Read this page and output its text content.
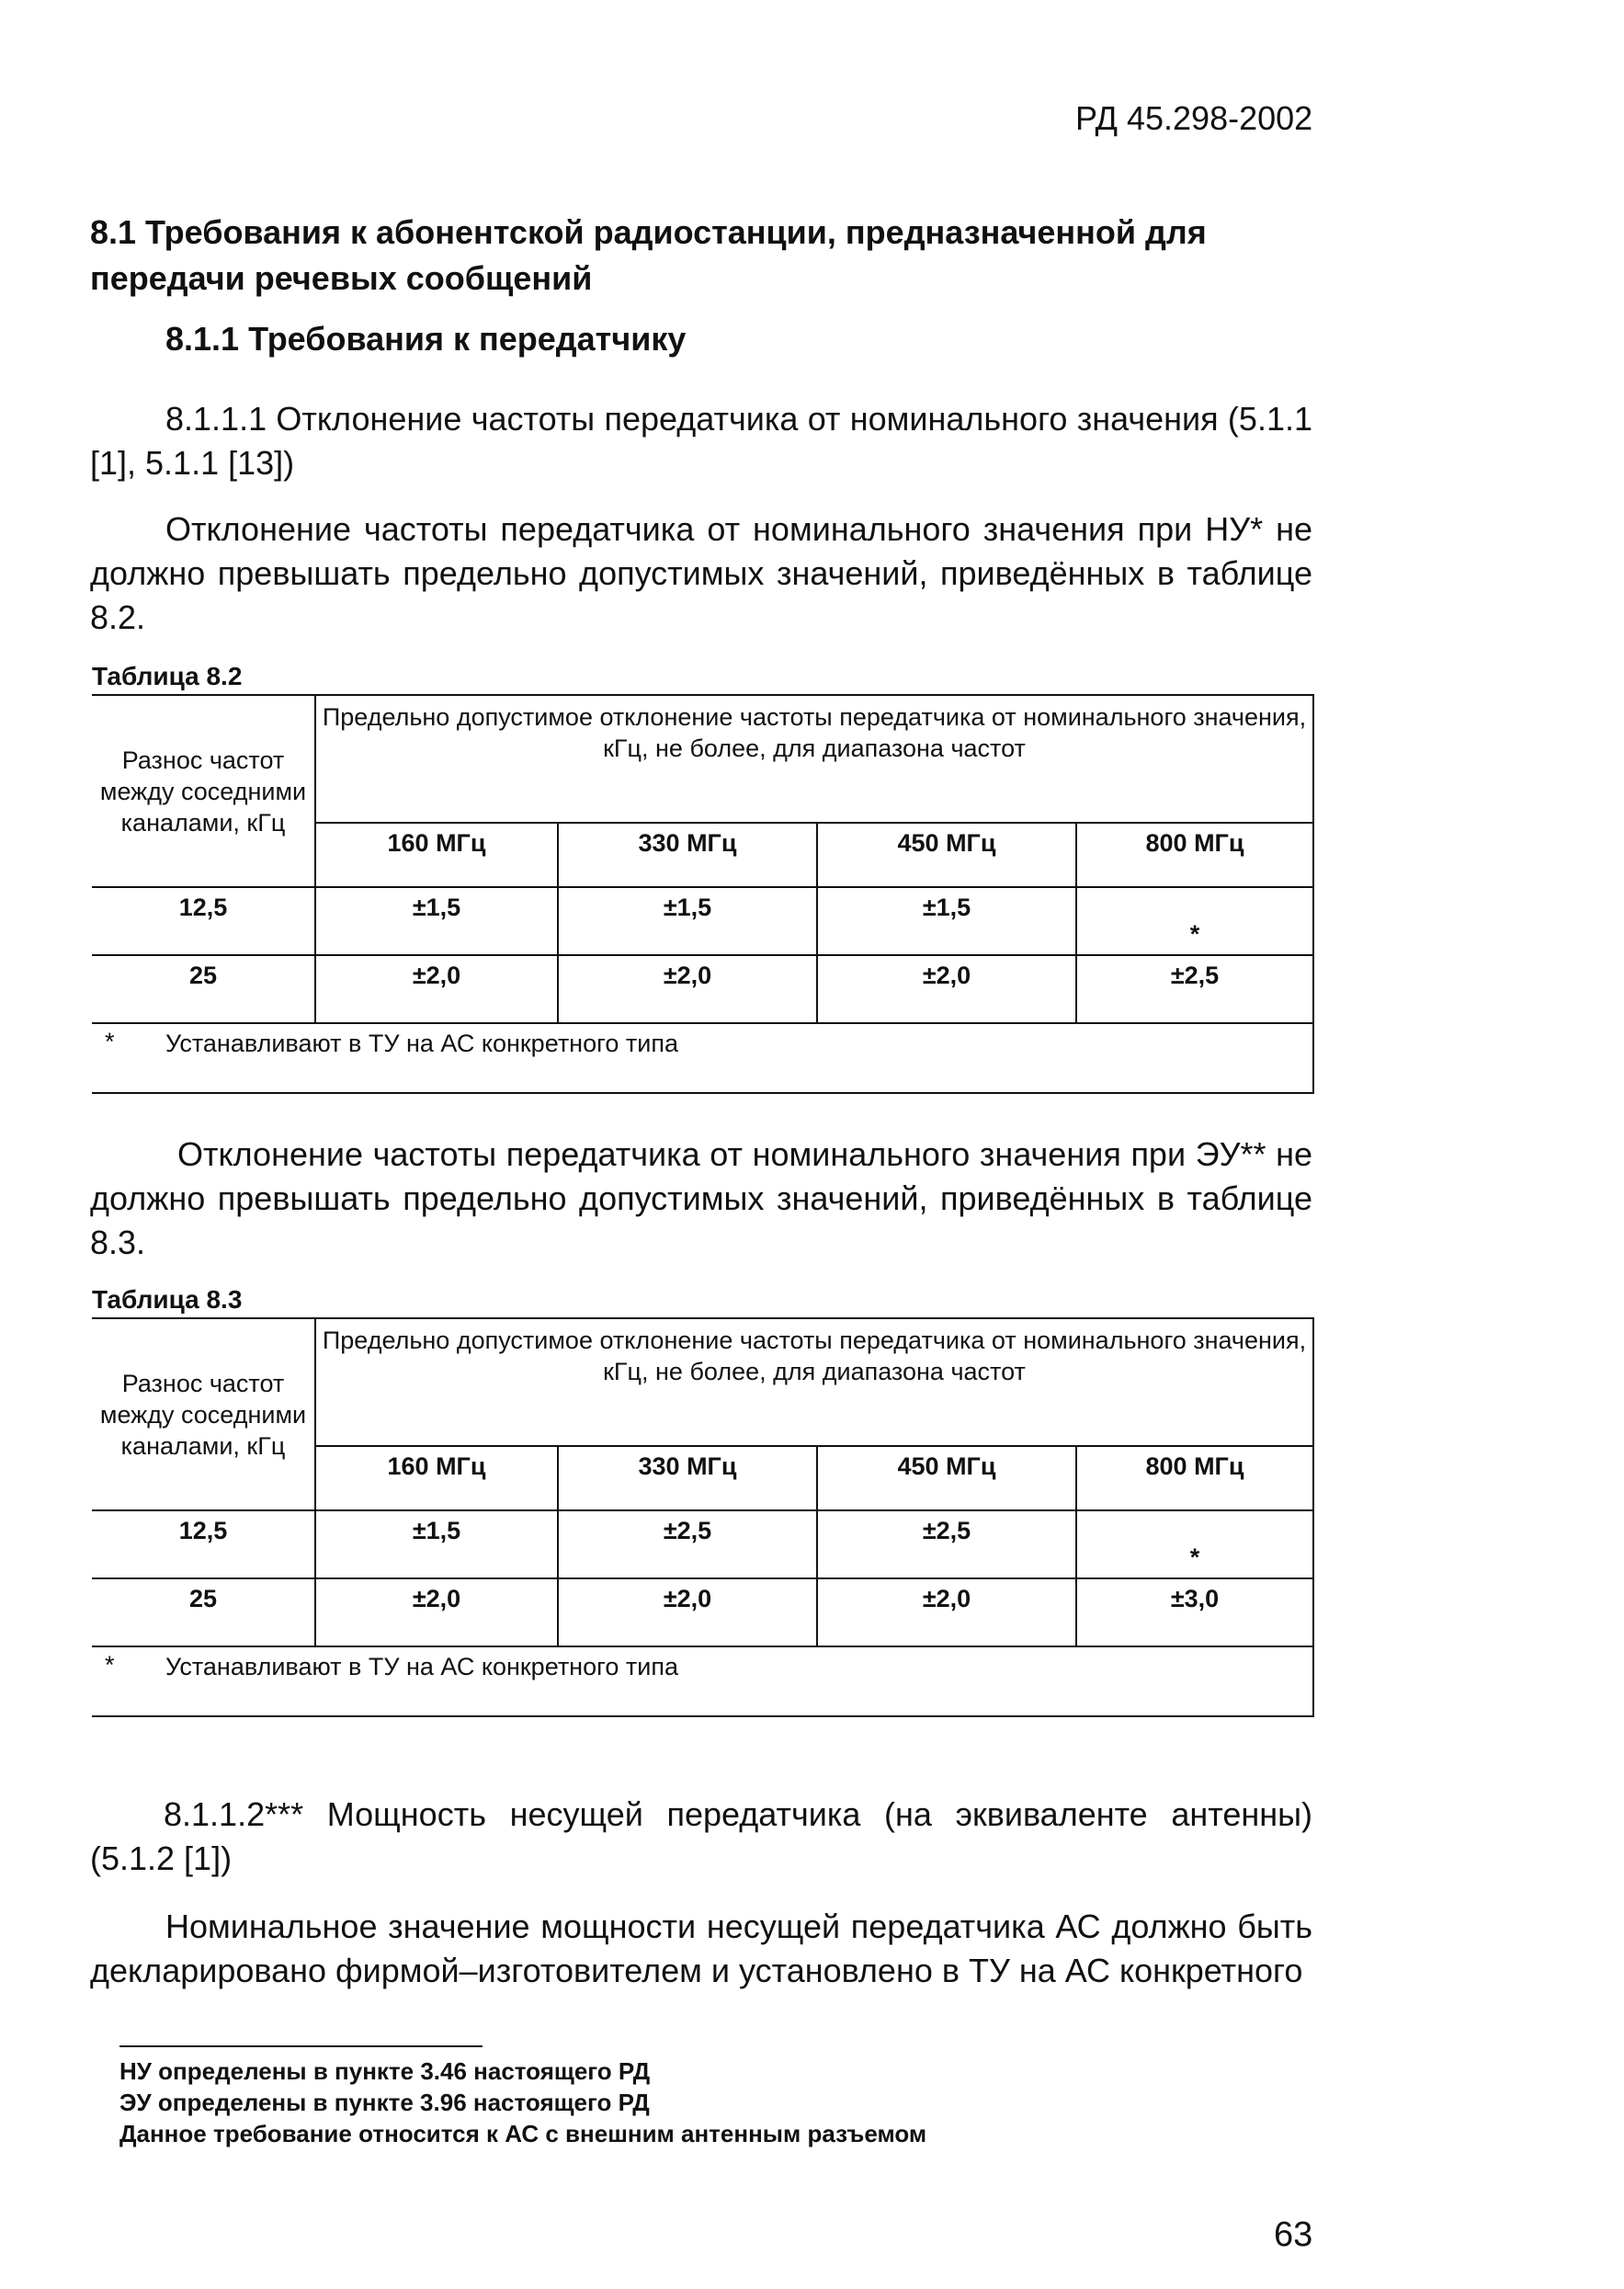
РД 45.298-2002
8.1 Требования к абонентской радиостанции, предназначенной для передачи речевых сообщений
8.1.1 Требования к передатчику
8.1.1.1 Отклонение частоты передатчика от номинального значения (5.1.1 [1], 5.1.1 [13])
Отклонение частоты передатчика от номинального значения при НУ* не должно превышать предельно допустимых значений, приведённых в таблице 8.2.
Таблица 8.2
Разнос частот между соседними каналами, кГц	Предельно допустимое отклонение частоты передатчика от номинального значения, кГц, не более, для диапазона частот			
	160 МГц	330 МГц	450 МГц	800 МГц
12,5	±1,5	±1,5	±1,5	*
25	±2,0	±2,0	±2,0	±2,5

* Устанавливают в ТУ на АС конкретного типа				
Отклонение частоты передатчика от номинального значения при ЭУ** не должно превышать предельно допустимых значений, приведённых в таблице 8.3.
Таблица 8.3
Разнос частот между соседними каналами, кГц	Предельно допустимое отклонение частоты передатчика от номинального значения, кГц, не более, для диапазона частот			
	160 МГц	330 МГц	450 МГц	800 МГц
12,5	±1,5	±2,5	±2,5	*
25	±2,0	±2,0	±2,0	±3,0

* Устанавливают в ТУ на АС конкретного типа				
8.1.1.2*** Мощность несущей передатчика (на эквиваленте антенны) (5.1.2 [1])
Номинальное значение мощности несущей передатчика АС должно быть декларировано фирмой–изготовителем и установлено в ТУ на АС конкретного
НУ определены в пункте 3.46 настоящего РД
ЭУ определены в пункте 3.96 настоящего РД
Данное требование относится к АС с внешним антенным разъемом
63
